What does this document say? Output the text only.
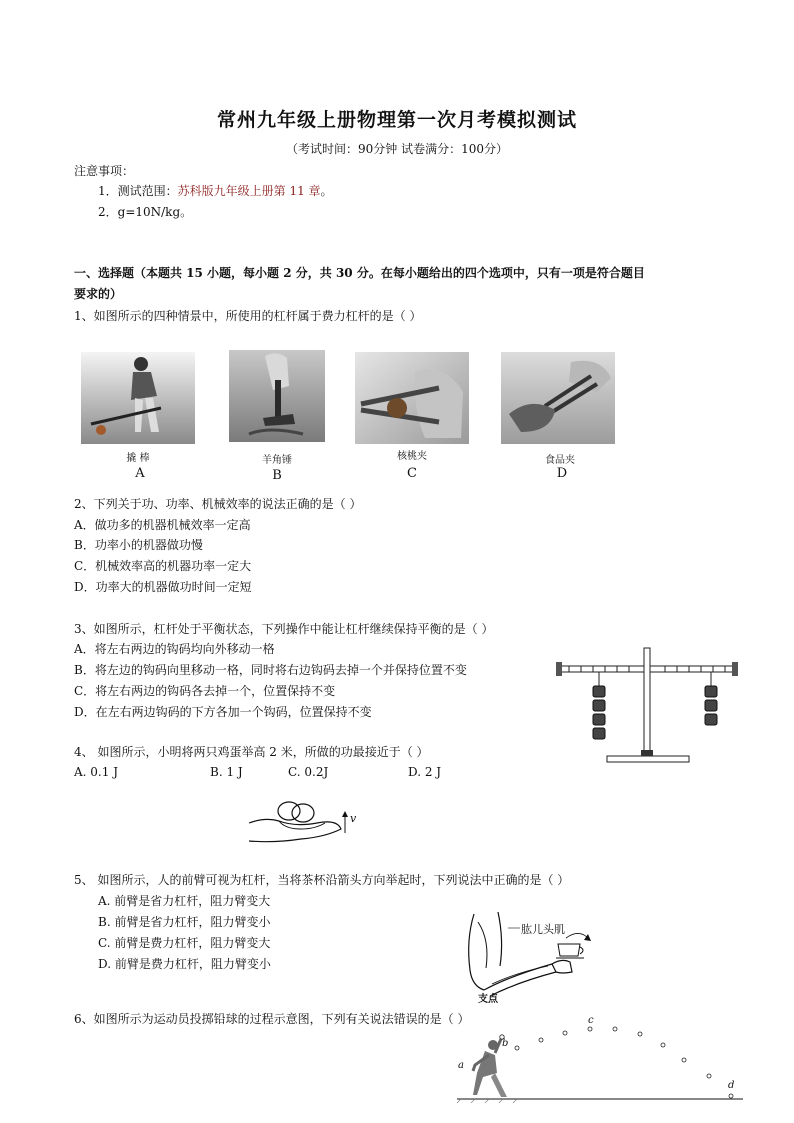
常州九年级上册物理第一次月考模拟测试
（考试时间：90分钟 试卷满分：100分）
注意事项：
1．测试范围：苏科版九年级上册第 11 章。
2．g=10N/kg。
一、选择题（本题共 15 小题，每小题 2 分，共 30 分。在每小题给出的四个选项中，只有一项是符合题目
要求的）
1、如图所示的四种情景中，所使用的杠杆属于费力杠杆的是（ ）
撬 棒	羊角锤	核桃夹	食品夹
A	B	C	D
2、下列关于功、功率、机械效率的说法正确的是（ ）
A．做功多的机器机械效率一定高
B．功率小的机器做功慢
C．机械效率高的机器功率一定大
D．功率大的机器做功时间一定短
3、如图所示，杠杆处于平衡状态，下列操作中能让杠杆继续保持平衡的是（ ）
A．将左右两边的钩码均向外移动一格
B．将左边的钩码向里移动一格，同时将右边钩码去掉一个并保持位置不变
C．将左右两边的钩码各去掉一个，位置保持不变
D．在左右两边钩码的下方各加一个钩码，位置保持不变
4、 如图所示，小明将两只鸡蛋举高 2 米，所做的功最接近于（ ）
A. 0.1 J	B. 1 J	C. 0.2J	D. 2 J
v
5、 如图所示，人的前臂可视为杠杆，当将茶杯沿箭头方向举起时，下列说法中正确的是（ ）
A. 前臂是省力杠杆，阻力臂变大
B. 前臂是省力杠杆，阻力臂变小
C. 前臂是费力杠杆，阻力臂变大
D. 前臂是费力杠杆，阻力臂变小
肱儿头肌
支点
6、如图所示为运动员投掷铅球的过程示意图，下列有关说法错误的是（ ）
a
b
c
d
